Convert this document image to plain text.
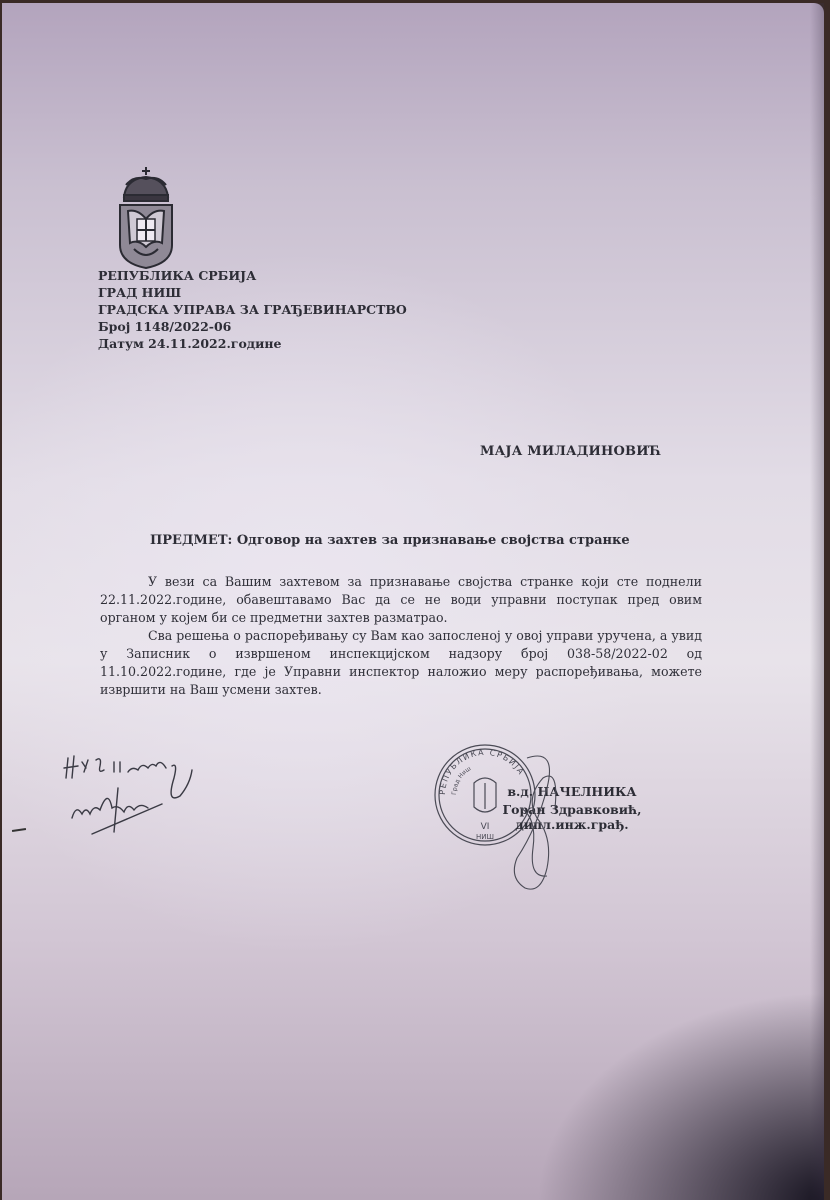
РЕПУБЛИКА СРБИЈА
ГРАД НИШ
ГРАДСКА УПРАВА ЗА ГРАЂЕВИНАРСТВО
Број 1148/2022-06
Датум 24.11.2022.године
МАЈА МИЛАДИНОВИЋ
ПРЕДМЕТ: Одговор на захтев за признавање својства странке

У вези са Вашим захтевом за признавање својства странке који сте поднели 22.11.2022.године, обавештавамо Вас да се не води управни поступак пред овим органом у којем би се предметни захтев разматрао.

Сва решења о распоређивању су Вам као запосленој у овој управи уручена, а увид у Записник о извршеном инспекцијском надзору број 038-58/2022-02 од 11.10.2022.године, где је Управни инспектор наложио меру распоређивања, можете извршити на Ваш усмени захтев.

РЕПУБЛИКА СРБИЈА
Град Ниш
VI
НИШ
в.д. НАЧЕЛНИКА
Горан Здравковић, дипл.инж.грађ.
